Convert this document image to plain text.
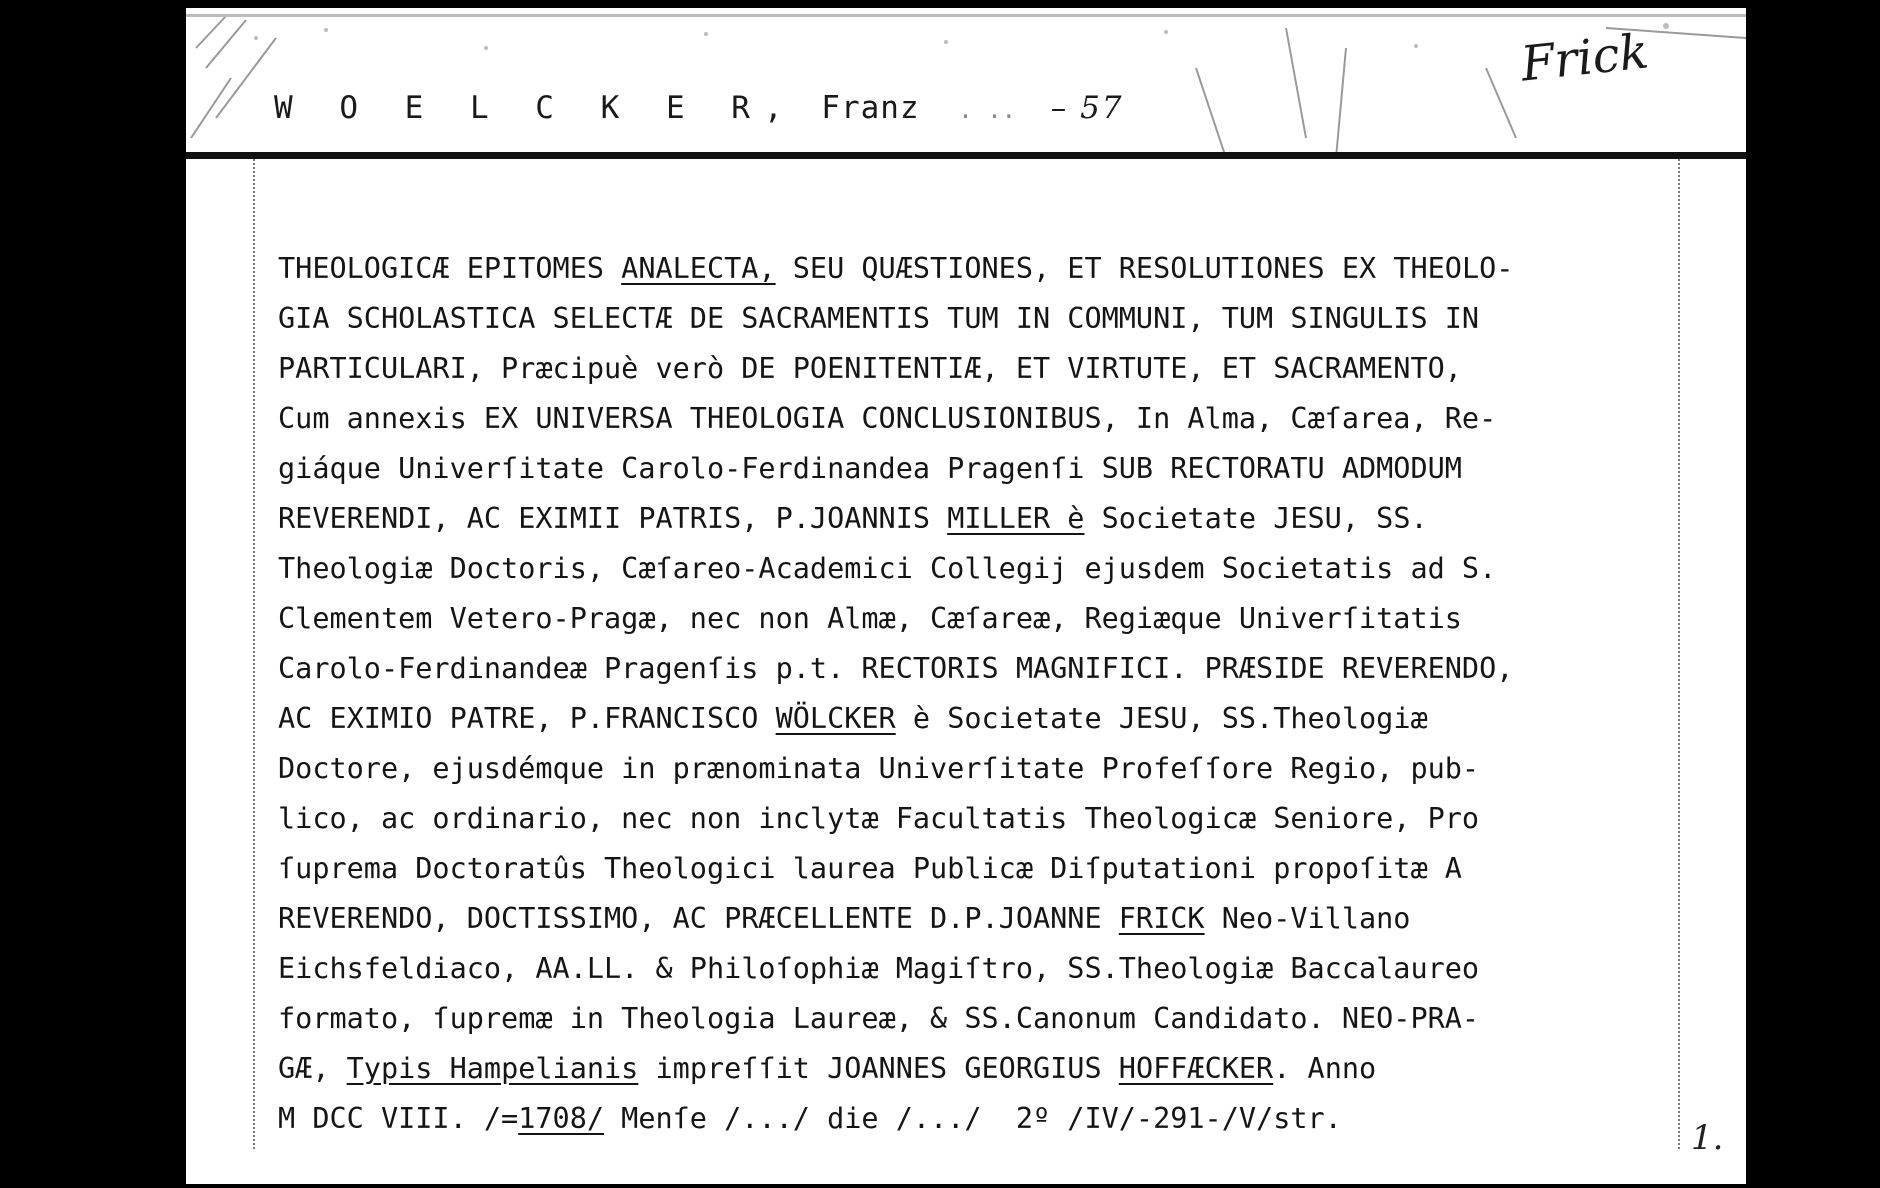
W O E L C K E R, Franz . .. – 57
Frick
THEOLOGICÆ EPITOMES ANALECTA, SEU QUÆSTIONES, ET RESOLUTIONES EX THEOLO-
GIA SCHOLASTICA SELECTÆ DE SACRAMENTIS TUM IN COMMUNI, TUM SINGULIS IN
PARTICULARI, Præcipuè verò DE POENITENTIÆ, ET VIRTUTE, ET SACRAMENTO,
Cum annexis EX UNIVERSA THEOLOGIA CONCLUSIONIBUS, In Alma, Cæſarea, Re-
giáque Univerſitate Carolo-Ferdinandea Pragenſi SUB RECTORATU ADMODUM
REVERENDI, AC EXIMII PATRIS, P.JOANNIS MILLER è Societate JESU, SS.
Theologiæ Doctoris, Cæſareo-Academici Collegij ejusdem Societatis ad S.
Clementem Vetero-Pragæ, nec non Almæ, Cæſareæ, Regiæque Univerſitatis
Carolo-Ferdinandeæ Pragenſis p.t. RECTORIS MAGNIFICI. PRÆSIDE REVERENDO,
AC EXIMIO PATRE, P.FRANCISCO WÖLCKER è Societate JESU, SS.Theologiæ
Doctore, ejusdémque in prænominata Univerſitate Profeſſore Regio, pub-
lico, ac ordinario, nec non inclytæ Facultatis Theologicæ Seniore, Pro
ſuprema Doctoratûs Theologici laurea Publicæ Diſputationi propoſitæ A
REVERENDO, DOCTISSIMO, AC PRÆCELLENTE D.P.JOANNE FRICK Neo-Villano
Eichsfeldiaco, AA.LL. & Philoſophiæ Magiſtro, SS.Theologiæ Baccalaureo
formato, ſupremæ in Theologia Laureæ, & SS.Canonum Candidato. NEO-PRA-
GÆ, Typis Hampelianis impreſſit JOANNES GEORGIUS HOFFÆCKER. Anno
M DCC VIII. /=1708/ Menſe /.../ die /.../  2º /IV/-291-/V/str.	1.
